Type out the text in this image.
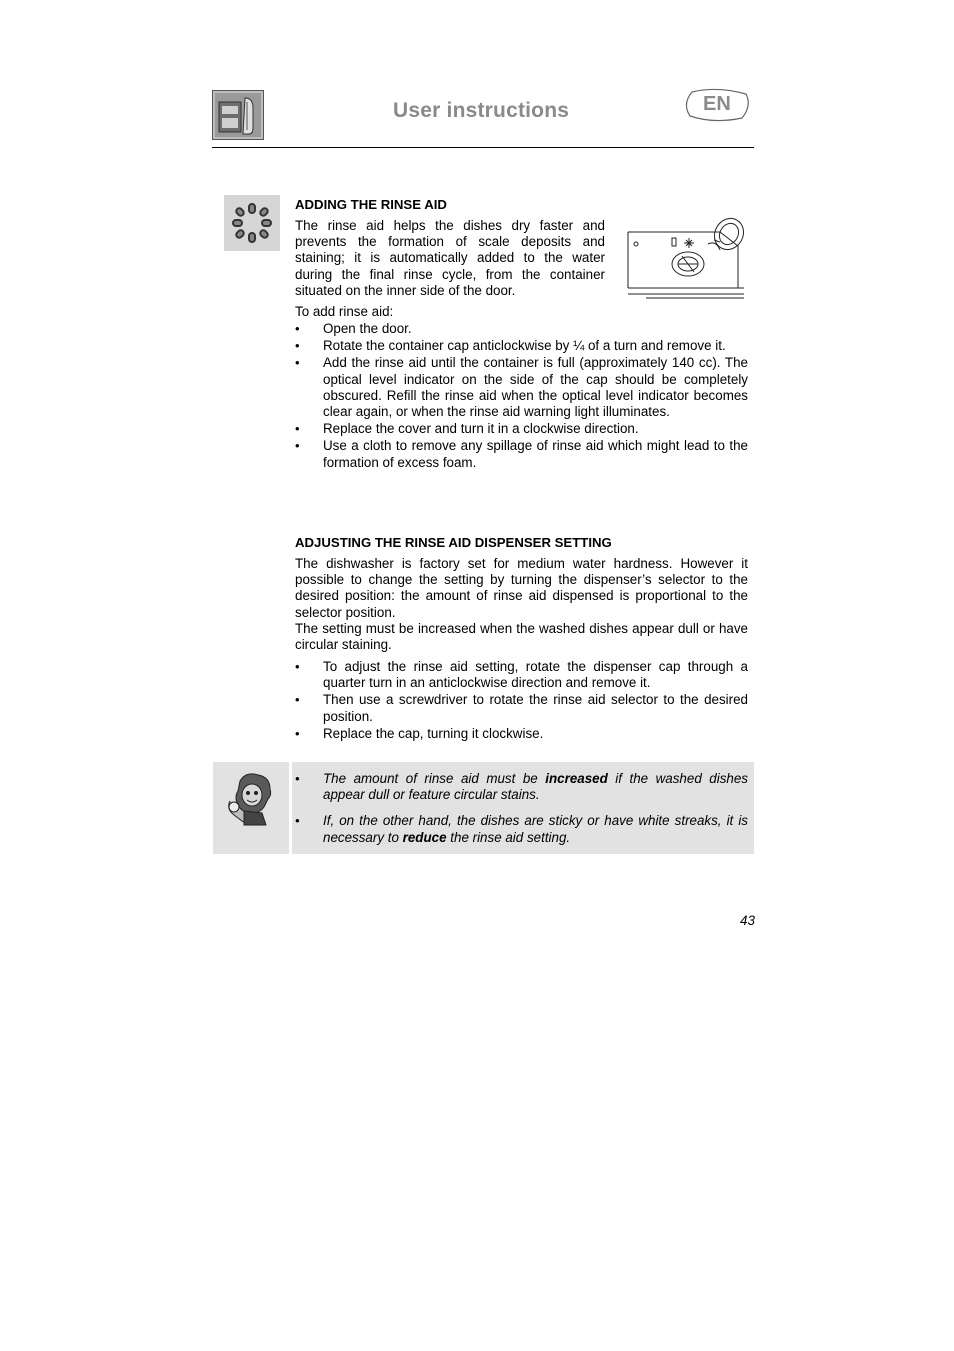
User instructions	EN
ADDING THE RINSE AID
The rinse aid helps the dishes dry faster and prevents the formation of scale deposits and staining; it is automatically added to the water during the final rinse cycle, from the container situated on the inner side of the door.
To add rinse aid:
• Open the door.
• Rotate the container cap anticlockwise by ¼ of a turn and remove it.
• Add the rinse aid until the container is full (approximately 140 cc). The optical level indicator on the side of the cap should be completely obscured. Refill the rinse aid when the optical level indicator becomes clear again, or when the rinse aid warning light illuminates.
• Replace the cover and turn it in a clockwise direction.
• Use a cloth to remove any spillage of rinse aid which might lead to the formation of excess foam.
ADJUSTING THE RINSE AID DISPENSER SETTING
The dishwasher is factory set for medium water hardness. However it possible to change the setting by turning the dispenser’s selector to the desired position: the amount of rinse aid dispensed is proportional to the selector position.
The setting must be increased when the washed dishes appear dull or have circular staining.
• To adjust the rinse aid setting, rotate the dispenser cap through a quarter turn in an anticlockwise direction and remove it.
• Then use a screwdriver to rotate the rinse aid selector to the desired position.
• Replace the cap, turning it clockwise.
• The amount of rinse aid must be increased if the washed dishes appear dull or feature circular stains.
• If, on the other hand, the dishes are sticky or have white streaks, it is necessary to reduce the rinse aid setting.
43
